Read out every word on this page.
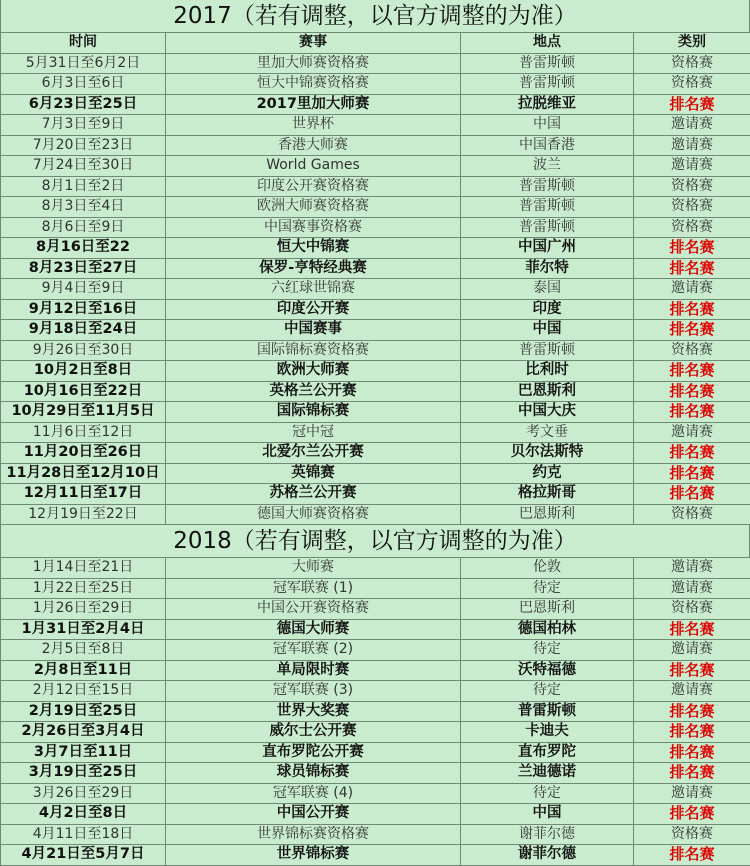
2017（若有调整，以官方调整的为准）
时间	赛事	地点	类别
5月31日至6月2日	里加大师赛资格赛	普雷斯顿	资格赛
6月3日至6日	恒大中锦赛资格赛	普雷斯顿	资格赛
6月23日至25日	2017里加大师赛	拉脱维亚	排名赛
7月3日至9日	世界杯	中国	邀请赛
7月20日至23日	香港大师赛	中国香港	邀请赛
7月24日至30日	World Games	波兰	邀请赛
8月1日至2日	印度公开赛资格赛	普雷斯顿	资格赛
8月3日至4日	欧洲大师赛资格赛	普雷斯顿	资格赛
8月6日至9日	中国赛事资格赛	普雷斯顿	资格赛
8月16日至22	恒大中锦赛	中国广州	排名赛
8月23日至27日	保罗-亨特经典赛	菲尔特	排名赛
9月4日至9日	六红球世锦赛	泰国	邀请赛
9月12日至16日	印度公开赛	印度	排名赛
9月18日至24日	中国赛事	中国	排名赛
9月26日至30日	国际锦标赛资格赛	普雷斯顿	资格赛
10月2日至8日	欧洲大师赛	比利时	排名赛
10月16日至22日	英格兰公开赛	巴恩斯利	排名赛
10月29日至11月5日	国际锦标赛	中国大庆	排名赛
11月6日至12日	冠中冠	考文垂	邀请赛
11月20日至26日	北爱尔兰公开赛	贝尔法斯特	排名赛
11月28日至12月10日	英锦赛	约克	排名赛
12月11日至17日	苏格兰公开赛	格拉斯哥	排名赛
12月19日至22日	德国大师赛资格赛	巴恩斯利	资格赛
2018（若有调整，以官方调整的为准）
1月14日至21日	大师赛	伦敦	邀请赛
1月22日至25日	冠军联赛 (1)	待定	邀请赛
1月26日至29日	中国公开赛资格赛	巴恩斯利	资格赛
1月31日至2月4日	德国大师赛	德国柏林	排名赛
2月5日至8日	冠军联赛 (2)	待定	邀请赛
2月8日至11日	单局限时赛	沃特福德	排名赛
2月12日至15日	冠军联赛 (3)	待定	邀请赛
2月19日至25日	世界大奖赛	普雷斯顿	排名赛
2月26日至3月4日	威尔士公开赛	卡迪夫	排名赛
3月7日至11日	直布罗陀公开赛	直布罗陀	排名赛
3月19日至25日	球员锦标赛	兰迪德诺	排名赛
3月26日至29日	冠军联赛 (4)	待定	邀请赛
4月2日至8日	中国公开赛	中国	排名赛
4月11日至18日	世界锦标赛资格赛	谢菲尔德	资格赛
4月21日至5月7日	世界锦标赛	谢菲尔德	排名赛
